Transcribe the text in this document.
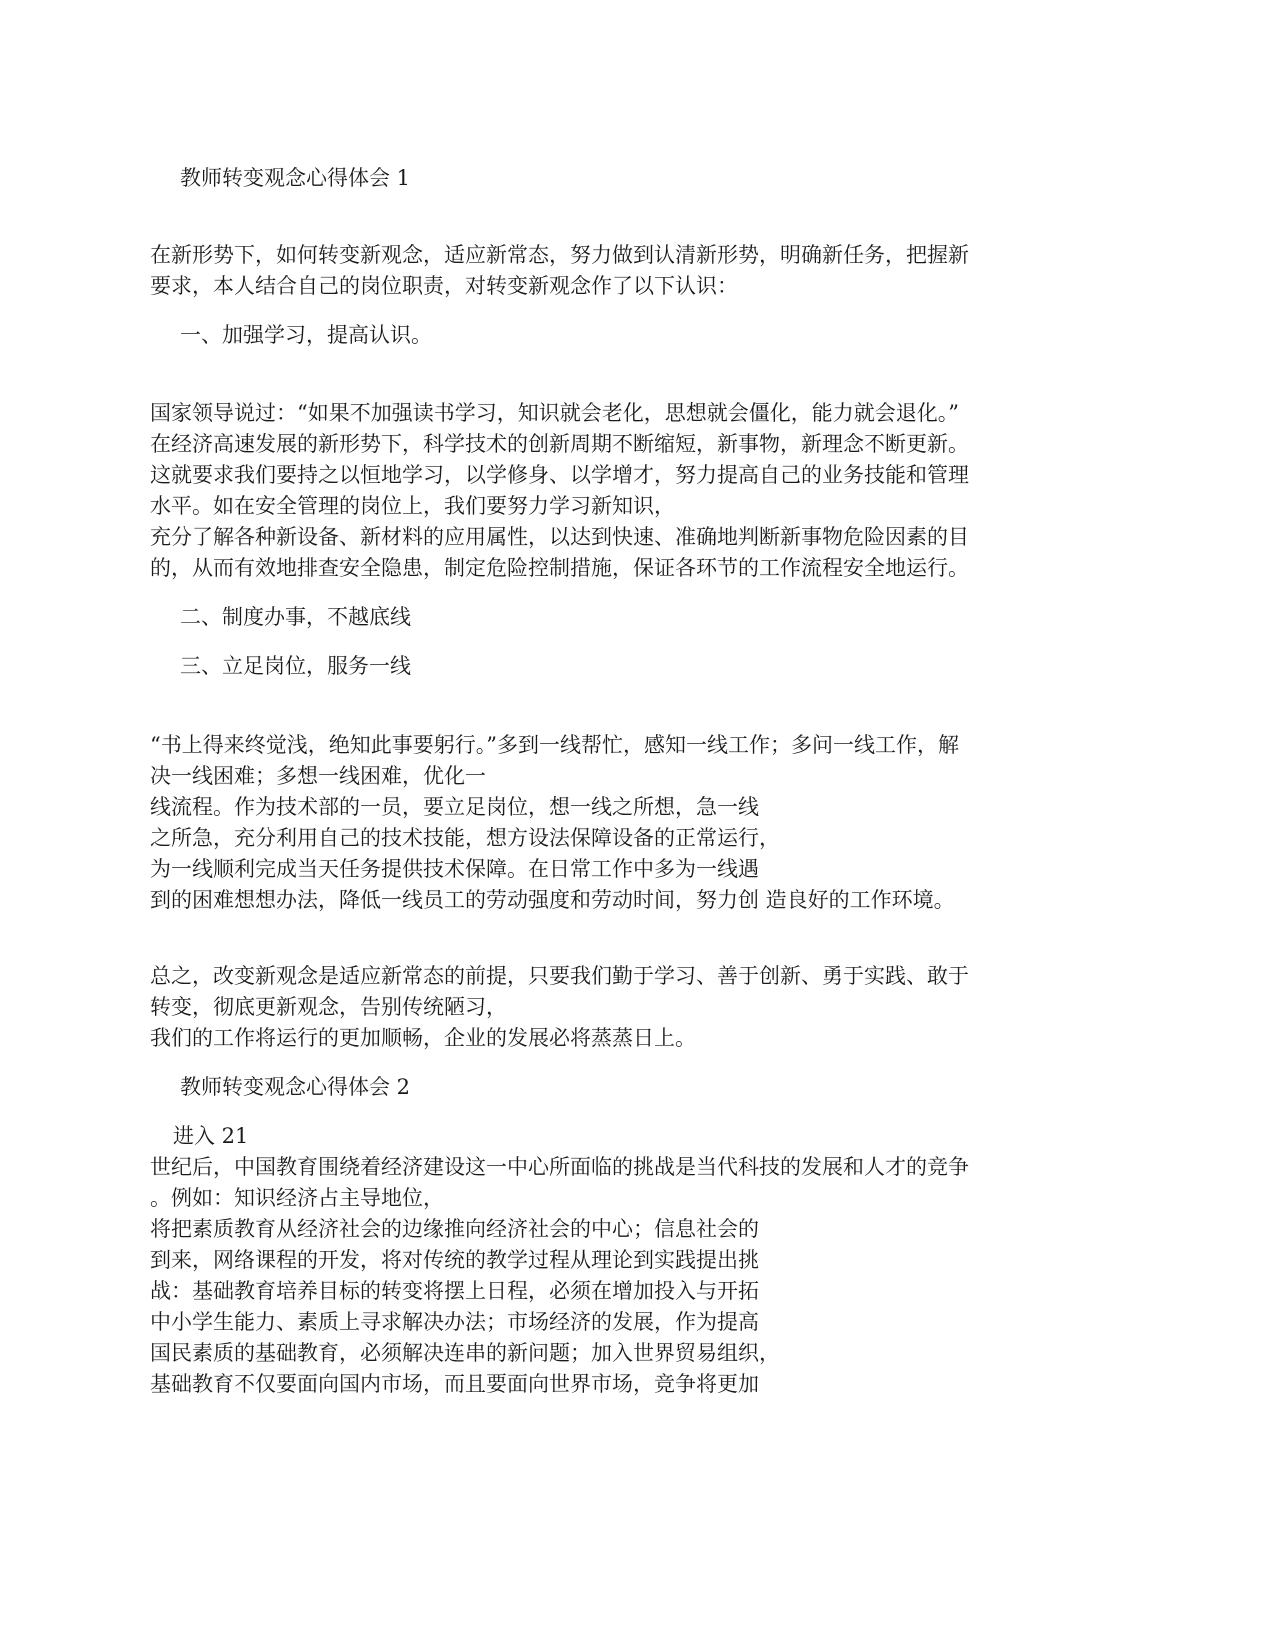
教师转变观念心得体会 1
在新形势下，如何转变新观念，适应新常态，努力做到认清新形势，明确新任务，把握新
要求，本人结合自己的岗位职责，对转变新观念作了以下认识：
一、加强学习，提高认识。
国家领导说过：“如果不加强读书学习，知识就会老化，思想就会僵化，能力就会退化。”
在经济高速发展的新形势下，科学技术的创新周期不断缩短，新事物，新理念不断更新。
这就要求我们要持之以恒地学习，以学修身、以学增才，努力提高自己的业务技能和管理
水平。如在安全管理的岗位上，我们要努力学习新知识，
充分了解各种新设备、新材料的应用属性，以达到快速、准确地判断新事物危险因素的目
的，从而有效地排查安全隐患，制定危险控制措施，保证各环节的工作流程安全地运行。
二、制度办事，不越底线
三、立足岗位，服务一线
“书上得来终觉浅，绝知此事要躬行。”多到一线帮忙，感知一线工作；多问一线工作，解
决一线困难；多想一线困难，优化一
线流程。作为技术部的一员，要立足岗位，想一线之所想，急一线
之所急，充分利用自己的技术技能，想方设法保障设备的正常运行，
为一线顺利完成当天任务提供技术保障。在日常工作中多为一线遇
到的困难想想办法，降低一线员工的劳动强度和劳动时间，努力创 造良好的工作环境。
总之，改变新观念是适应新常态的前提，只要我们勤于学习、善于创新、勇于实践、敢于
转变，彻底更新观念，告别传统陋习，
我们的工作将运行的更加顺畅，企业的发展必将蒸蒸日上。
教师转变观念心得体会 2
进入 21
世纪后，中国教育围绕着经济建设这一中心所面临的挑战是当代科技的发展和人才的竞争
。例如：知识经济占主导地位，
将把素质教育从经济社会的边缘推向经济社会的中心；信息社会的
到来，网络课程的开发，将对传统的教学过程从理论到实践提出挑
战：基础教育培养目标的转变将摆上日程，必须在增加投入与开拓
中小学生能力、素质上寻求解决办法；市场经济的发展，作为提高
国民素质的基础教育，必须解决连串的新问题；加入世界贸易组织，
基础教育不仅要面向国内市场，而且要面向世界市场，竞争将更加
